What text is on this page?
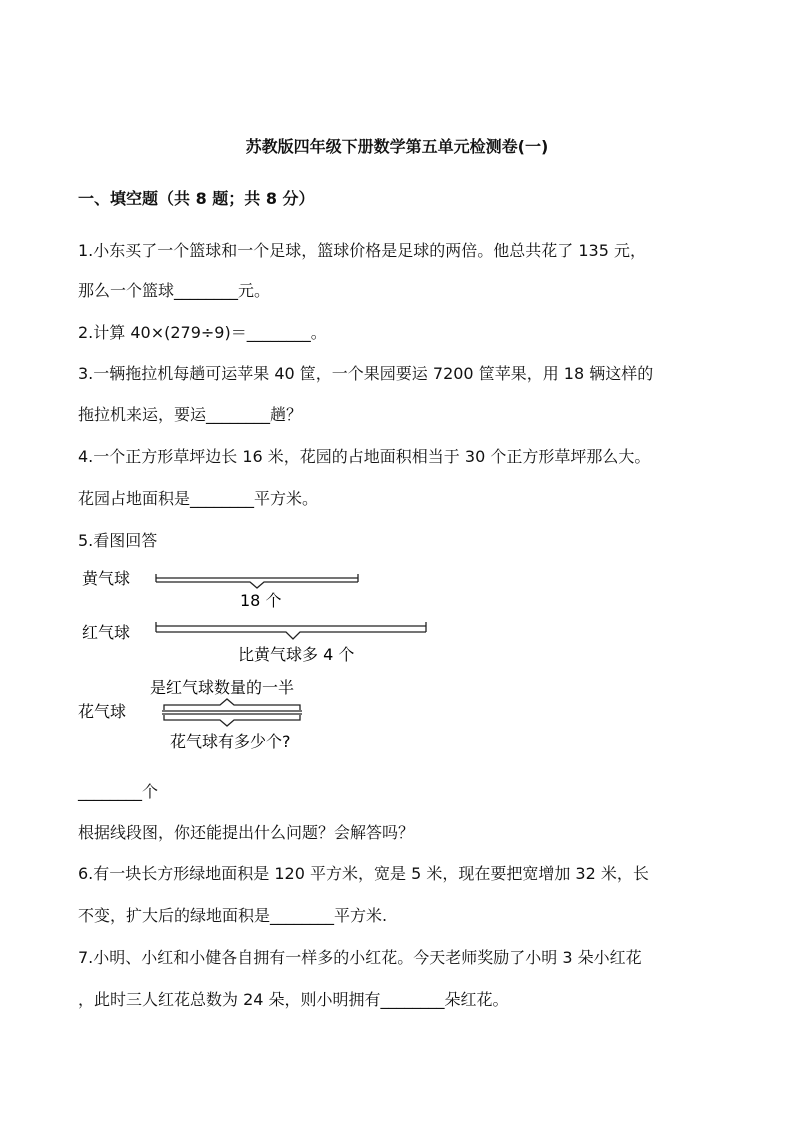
苏教版四年级下册数学第五单元检测卷(一)
一、填空题（共 8 题；共 8 分）
1.小东买了一个篮球和一个足球，篮球价格是足球的两倍。他总共花了 135 元，
那么一个篮球________元。
2.计算 40×(279÷9)＝________。
3.一辆拖拉机每趟可运苹果 40 筐，一个果园要运 7200 筐苹果，用 18 辆这样的
拖拉机来运，要运________趟？
4.一个正方形草坪边长 16 米，花园的占地面积相当于 30 个正方形草坪那么大。
花园占地面积是________平方米。
5.看图回答
黄气球
18 个
红气球
比黄气球多 4 个
是红气球数量的一半
花气球
花气球有多少个?
________个
根据线段图，你还能提出什么问题？会解答吗？
6.有一块长方形绿地面积是 120 平方米，宽是 5 米，现在要把宽增加 32 米，长
不变，扩大后的绿地面积是________平方米.
7.小明、小红和小健各自拥有一样多的小红花。今天老师奖励了小明 3 朵小红花
，此时三人红花总数为 24 朵，则小明拥有________朵红花。
